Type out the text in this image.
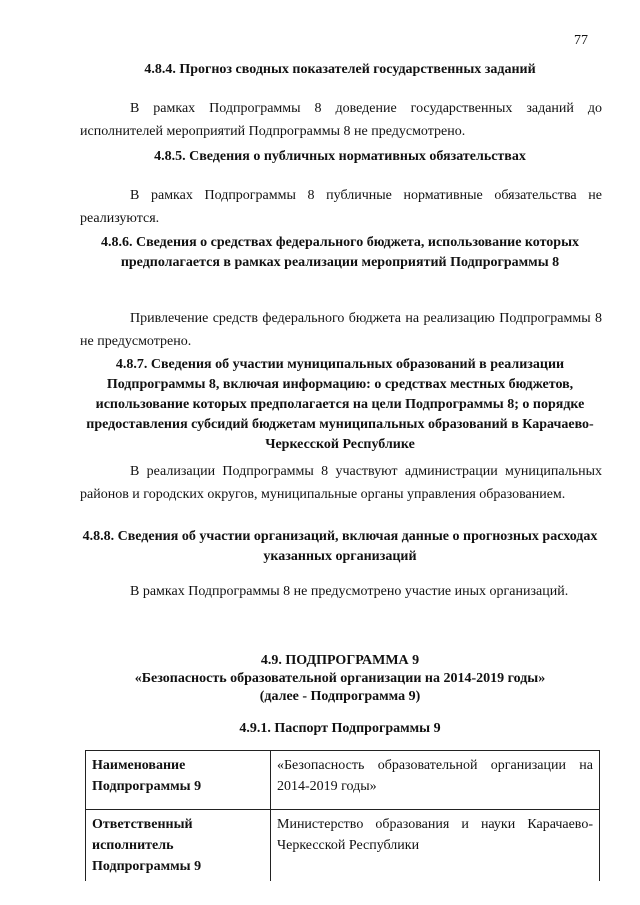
77
4.8.4. Прогноз сводных показателей государственных заданий
В рамках Подпрограммы 8 доведение государственных заданий до исполнителей мероприятий Подпрограммы 8 не предусмотрено.
4.8.5. Сведения о публичных нормативных обязательствах
В рамках Подпрограммы 8 публичные нормативные обязательства не реализуются.
4.8.6. Сведения о средствах федерального бюджета, использование которых предполагается в рамках реализации мероприятий Подпрограммы 8
Привлечение средств федерального бюджета на реализацию Подпрограммы 8 не предусмотрено.
4.8.7. Сведения об участии муниципальных образований в реализации Подпрограммы 8, включая информацию: о средствах местных бюджетов, использование которых предполагается на цели Подпрограммы 8; о порядке предоставления субсидий бюджетам муниципальных образований в Карачаево-Черкесской Республике
В реализации Подпрограммы 8 участвуют администрации муниципальных районов и городских округов, муниципальные органы управления образованием.
4.8.8. Сведения об участии организаций, включая данные о прогнозных расходах указанных организаций
В рамках Подпрограммы 8 не предусмотрено участие иных организаций.
4.9. ПОДПРОГРАММА 9
«Безопасность образовательной организации на 2014-2019 годы»
(далее - Подпрограмма 9)
4.9.1. Паспорт Подпрограммы 9
Наименование Подпрограммы 9	«Безопасность образовательной организации на 2014-2019 годы»
Ответственный исполнитель Подпрограммы 9	Министерство образования и науки Карачаево-Черкесской Республики
